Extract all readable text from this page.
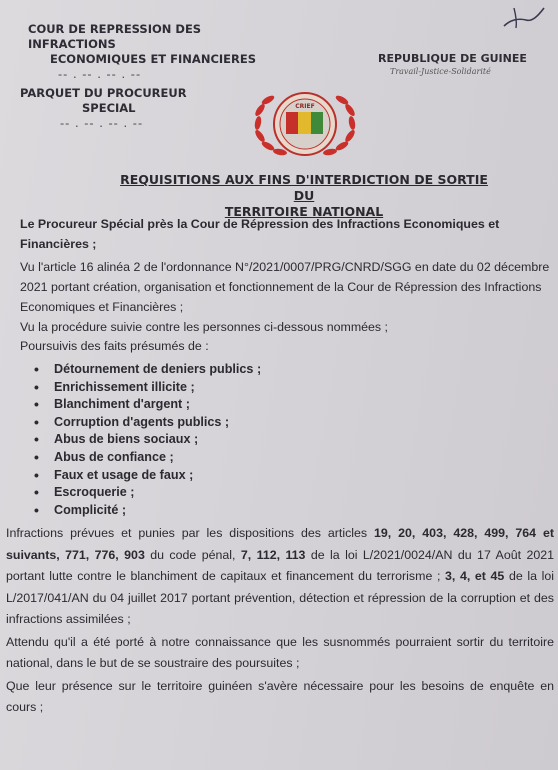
COUR DE REPRESSION DES INFRACTIONS
ECONOMIQUES ET FINANCIERES
-- . -- . -- . --
PARQUET DU PROCUREUR
SPECIAL
-- . -- . -- . --
REPUBLIQUE DE GUINEE
Travail-Justice-Solidarité
CRIEF
REQUISITIONS AUX FINS D'INTERDICTION DE SORTIE DU
TERRITOIRE NATIONAL

Le Procureur Spécial près la Cour de Répression des Infractions Economiques et Financières ;

Vu l'article 16 alinéa 2 de l'ordonnance N°/2021/0007/PRG/CNRD/SGG en date du 02 décembre 2021 portant création, organisation et fonctionnement de la Cour de Répression des Infractions Economiques et Financières ;

Vu la procédure suivie contre les personnes ci-dessous nommées ;

Poursuivis des faits présumés de :

• Détournement de deniers publics ;
• Enrichissement illicite ;
• Blanchiment d'argent ;
• Corruption d'agents publics ;
• Abus de biens sociaux ;
• Abus de confiance ;
• Faux et usage de faux ;
• Escroquerie ;
• Complicité ;

Infractions prévues et punies par les dispositions des articles 19, 20, 403, 428, 499, 764 et suivants, 771, 776, 903 du code pénal, 7, 112, 113 de la loi L/2021/0024/AN du 17 Août 2021 portant lutte contre le blanchiment de capitaux et financement du terrorisme ; 3, 4, et 45 de la loi L/2017/041/AN du 04 juillet 2017 portant prévention, détection et répression de la corruption et des infractions assimilées ;

Attendu qu'il a été porté à notre connaissance que les susnommés pourraient sortir du territoire national, dans le but de se soustraire des poursuites ;

Que leur présence sur le territoire guinéen s'avère nécessaire pour les besoins de enquête en cours ;
